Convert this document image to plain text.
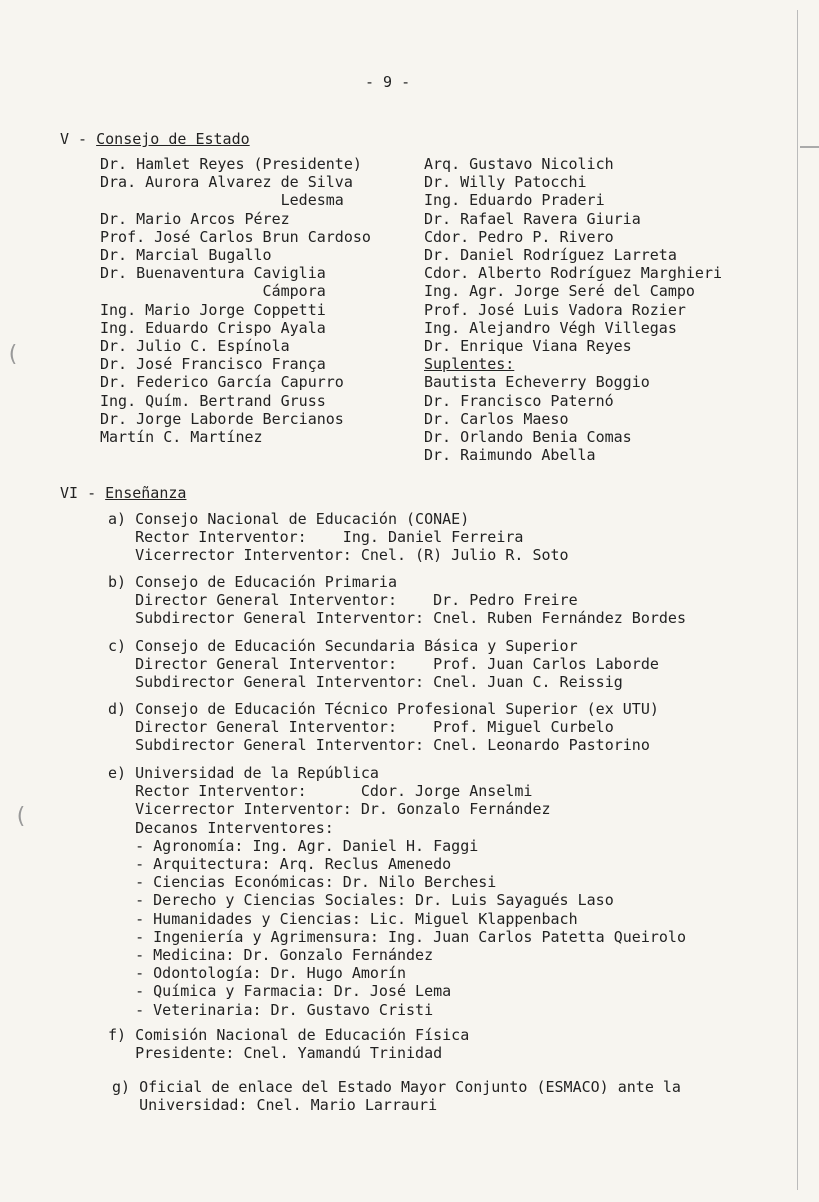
(
(
- 9 -
V - Consejo de Estado
Dr. Hamlet Reyes (Presidente)
Dra. Aurora Alvarez de Silva
Ledesma
Dr. Mario Arcos Pérez
Prof. José Carlos Brun Cardoso
Dr. Marcial Bugallo
Dr. Buenaventura Caviglia
Cámpora
Ing. Mario Jorge Coppetti
Ing. Eduardo Crispo Ayala
Dr. Julio C. Espínola
Dr. José Francisco França
Dr. Federico García Capurro
Ing. Quím. Bertrand Gruss
Dr. Jorge Laborde Bercianos
Martín C. Martínez
Arq. Gustavo Nicolich
Dr. Willy Patocchi
Ing. Eduardo Praderi
Dr. Rafael Ravera Giuria
Cdor. Pedro P. Rivero
Dr. Daniel Rodríguez Larreta
Cdor. Alberto Rodríguez Marghieri
Ing. Agr. Jorge Seré del Campo
Prof. José Luis Vadora Rozier
Ing. Alejandro Végh Villegas
Dr. Enrique Viana Reyes
Suplentes:
Bautista Echeverry Boggio
Dr. Francisco Paternó
Dr. Carlos Maeso
Dr. Orlando Benia Comas
Dr. Raimundo Abella
VI - Enseñanza
a) Consejo Nacional de Educación (CONAE)
Rector Interventor:    Ing. Daniel Ferreira
Vicerrector Interventor: Cnel. (R) Julio R. Soto
b) Consejo de Educación Primaria
Director General Interventor:    Dr. Pedro Freire
Subdirector General Interventor: Cnel. Ruben Fernández Bordes
c) Consejo de Educación Secundaria Básica y Superior
Director General Interventor:    Prof. Juan Carlos Laborde
Subdirector General Interventor: Cnel. Juan C. Reissig
d) Consejo de Educación Técnico Profesional Superior (ex UTU)
Director General Interventor:    Prof. Miguel Curbelo
Subdirector General Interventor: Cnel. Leonardo Pastorino
e) Universidad de la República
Rector Interventor:      Cdor. Jorge Anselmi
Vicerrector Interventor: Dr. Gonzalo Fernández
Decanos Interventores:
- Agronomía: Ing. Agr. Daniel H. Faggi
- Arquitectura: Arq. Reclus Amenedo
- Ciencias Económicas: Dr. Nilo Berchesi
- Derecho y Ciencias Sociales: Dr. Luis Sayagués Laso
- Humanidades y Ciencias: Lic. Miguel Klappenbach
- Ingeniería y Agrimensura: Ing. Juan Carlos Patetta Queirolo
- Medicina: Dr. Gonzalo Fernández
- Odontología: Dr. Hugo Amorín
- Química y Farmacia: Dr. José Lema
- Veterinaria: Dr. Gustavo Cristi
f) Comisión Nacional de Educación Física
Presidente: Cnel. Yamandú Trinidad
g) Oficial de enlace del Estado Mayor Conjunto (ESMACO) ante la
Universidad: Cnel. Mario Larrauri
